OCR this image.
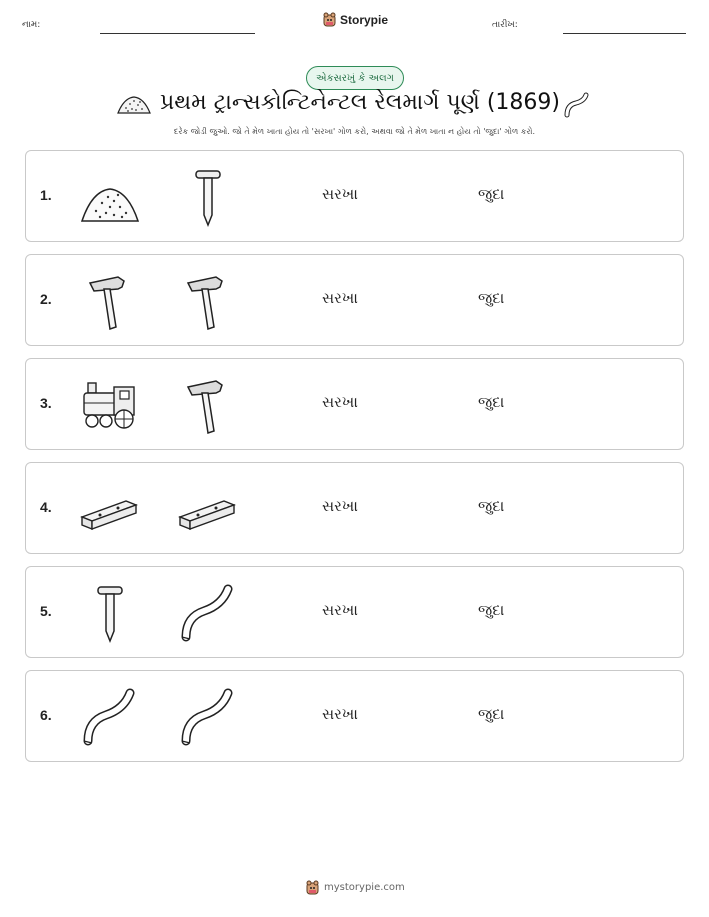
નામ:	Storypie	તારીખ:
એકસરખું કે અલગ
પ્રથમ ટ્રાન્સકોન્ટિનેન્ટલ રેલમાર્ગ પૂર્ણ (1869)
દરેક જોડી જુઓ. જો તે મેળ ખાતા હોય તો 'સરખા' ગોળ કરો, અથવા જો તે મેળ ખાતા ન હોય તો 'જુદા' ગોળ કરો.
1.	સરખા	જુદા
2.	સરખા	જુદા
3.	સરખા	જુદા
4.	સરખા	જુદા
5.	સરખા	જુદા
6.	સરખા	જુદા
mystorypie.com
